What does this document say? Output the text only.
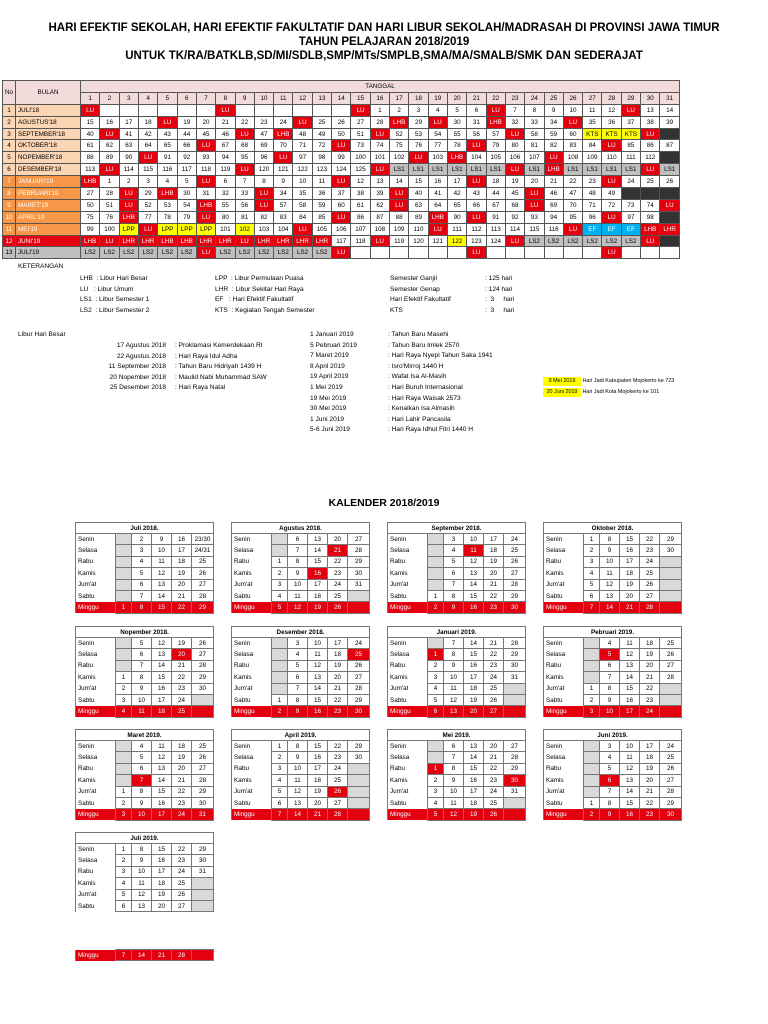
HARI EFEKTIF SEKOLAH, HARI EFEKTIF FAKULTATIF DAN HARI LIBUR SEKOLAH/MADRASAH DI PROVINSI JAWA TIMUR
TAHUN PELAJARAN 2018/2019
UNTUK TK/RA/BATKLB,SD/MI/SDLB,SMP/MTs/SMPLB,SMA/MA/SMALB/SMK DAN SEDERAJAT
No	BULAN	TANGGAL																														
		1	2	3	4	5	6	7	8	9	10	11	12	13	14	15	16	17	18	19	20	21	22	23	24	25	26	27	28	29	30	31
1	JULI'18	LU							LU							LU	1	2	3	4	5	6	LU	7	8	9	10	11	12	LU	13	14
2	AGUSTUS'18	15	16	17	18	LU	19	20	21	22	23	24	LU	25	26	27	28	LHB	29	LU	30	31	LHB	32	33	34	LU	35	36	37	38	39
3	SEPTEMBER'18	40	LU	41	42	43	44	45	46	LU	47	LHB	48	49	50	51	LU	52	53	54	55	56	57	LU	58	59	60	KTS	KTS	KTS	LU	
4	OKTOBER'18	61	62	63	64	65	66	LU	67	68	69	70	71	72	LU	73	74	75	76	77	78	LU	79	80	81	82	83	84	LU	85	86	87
5	NOPEMBER'18	88	89	90	LU	91	92	93	94	95	96	LU	97	98	99	100	101	102	LU	103	LHB	104	105	106	107	LU	108	109	110	111	112	
6	DESEMBER'18	113	LU	114	115	116	117	118	119	LU	120	121	122	123	124	125	LU	LS1	LS1	LS1	LS1	LS1	LS1	LU	LS1	LHB	LS1	LS1	LS1	LS1	LU	LS1
7	JANUARI'19	LHB	1	2	3	4	5	LU	6	7	8	9	10	11	LU	12	13	14	15	16	17	LU	18	19	20	21	22	23	LU	24	25	26
8	PEBRUARI'19	27	28	LU	29	LHB	30	31	32	33	LU	34	35	36	37	38	39	LU	40	41	42	43	44	45	LU	46	47	48	49			
9	MARET'19	50	51	LU	52	53	54	LHB	55	56	LU	57	58	59	60	61	62	LU	63	64	65	66	67	68	LU	69	70	71	72	73	74	LU
10	APRIL'19	75	76	LHB	77	78	79	LU	80	81	82	83	84	85	LU	86	87	88	89	LHB	90	LU	91	92	93	94	95	96	LU	97	98	
11	MEI'19	99	100	LPP	LU	LPP	LPP	LPP	101	102	103	104	LU	105	106	107	108	109	110	LU	111	112	113	114	115	116	LU	EF	EF	EF	LHB	LHR
12	JUNI'19	LHB	LU	LHR	LHR	LHB	LHB	LHR	LHR	LU	LHR	LHR	LHR	LHR	117	118	LU	119	120	121	122	123	124	LU	LS2	LS2	LS2	LS2	LS2	LS2	LU	
13	JULI'19	LS2	LS2	LS2	LS2	LS2	LS2	LU	LS2	LS2	LS2	LS2	LS2	LS2	LU							LU							LU			
KETERANGAN
LHB  : Libur Hari Besar
LU   : Libur Umum
LS1  : Libur Semester 1
LS2  : Libur Semester 2
LPP  : Libur Permulaan Puasa
LHR  : Libur Sekitar Hari Raya
EF   : Hari Efektif Fakultatif
KTS  : Kegiatan Tengah Semester
Semester Ganjil
Semester Genap
Hari Efektif Fakultatif
KTS
: 125 hari
: 124 hari
:  3     hari
:  3     hari
Libur Hari Besar
17 Agustus 2018
22 Agustus 2018
11 September 2018
20 Nopember 2018
25 Desember 2018
: Proklamasi Kemerdekaan RI
: Hari Raya Idul Adha
: Tahun Baru Hidriyah 1439 H
: Maulid Nabi Muhammad SAW
: Hari Raya Natal
1 Januari 2019
5 Pebruari 2019
7 Maret 2019
8 April 2019
19 April 2019
1 Mei 2019
19 Mei 2019
30 Mei 2019
1 Juni 2019
5-6 Juni 2019
: Tahun Baru Masehi
: Tahun Baru Imlek 2570
: Hari Raya Nyepi Tahun Saka 1941
: Isro'Mirroj 1440 H
: Wafat Isa Al-Masih
: Hari Buruh Internasional
: Hari Raya Waisak 2573
: Kenaikan Isa Almasih
: Hari Lahir Pancasila
: Hari Raya Idhul Fitri 1440 H
9 Mei 2019 Hari Jadi Kabupaten Mojokerto ke 723
20 Juni 2019 Hari Jadi Kota Mojokerto ke 101
KALENDER 2018/2019
Juli 2018.					
Senin		2	9	16	23/30
Selasa		3	10	17	24/31
Rabu		4	11	18	25
Kamis		5	12	19	26
Jum'at		6	13	20	27
Sabtu		7	14	21	28
Minggu	1	8	15	22	29
Agustus 2018.					
Senin		6	13	20	27
Selasa		7	14	21	28
Rabu	1	8	15	22	29
Kamis	2	9	16	23	30
Jum'at	3	10	17	24	31
Sabtu	4	11	18	25	
Minggu	5	12	19	26	
September 2018.					
Senin		3	10	17	24
Selasa		4	11	18	25
Rabu		5	12	19	26
Kamis		6	13	20	27
Jum'at		7	14	21	28
Sabtu	1	8	15	22	29
Minggu	2	9	16	23	30
Oktober 2018.					
Senin	1	8	15	22	29
Selasa	2	9	16	23	30
Rabu	3	10	17	24	
Kamis	4	11	18	25	
Jum'at	5	12	19	26	
Sabtu	6	13	20	27	
Minggu	7	14	21	28	
Nopember 2018.					
Senin		5	12	19	26
Selasa		6	13	20	27
Rabu		7	14	21	28
Kamis	1	8	15	22	29
Jum'at	2	9	16	23	30
Sabtu	3	10	17	24	
Minggu	4	11	18	25	
Desember 2018.					
Senin		3	10	17	24
Selasa		4	11	18	25
Rabu		5	12	19	26
Kamis		6	13	20	27
Jum'at		7	14	21	28
Sabtu	1	8	15	22	29
Minggu	2	9	16	23	30
Januari 2019.					
Senin		7	14	21	28
Selasa	1	8	15	22	29
Rabu	2	9	16	23	30
Kamis	3	10	17	24	31
Jum'at	4	11	18	25	
Sabtu	5	12	19	26	
Minggu	6	13	20	27	
Pebruari 2019.					
Senin		4	11	18	25
Selasa		5	12	19	26
Rabu		6	13	20	27
Kamis		7	14	21	28
Jum'at	1	8	15	22	
Sabtu	2	9	16	23	
Minggu	3	10	17	24	
Maret 2019.					
Senin		4	11	18	25
Selasa		5	12	19	26
Rabu		6	13	20	27
Kamis		7	14	21	28
Jum'at	1	8	15	22	29
Sabtu	2	9	16	23	30
Minggu	3	10	17	24	31
April 2019.					
Senin	1	8	15	22	29
Selasa	2	9	16	23	30
Rabu	3	10	17	24	
Kamis	4	11	18	25	
Jum'at	5	12	19	26	
Sabtu	6	13	20	27	
Minggu	7	14	21	28	
Mei 2019.					
Senin		6	13	20	27
Selasa		7	14	21	28
Rabu	1	8	15	22	29
Kamis	2	9	16	23	30
Jum'at	3	10	17	24	31
Sabtu	4	11	18	25	
Minggu	5	12	19	26	
Juni 2019.					
Senin		3	10	17	24
Selasa		4	11	18	25
Rabu		5	12	19	26
Kamis		6	13	20	27
Jum'at		7	14	21	28
Sabtu	1	8	15	22	29
Minggu	2	9	16	23	30
Juli 2019.					
Senin	1	8	15	22	29
Selasa	2	9	16	23	30
Rabu	3	10	17	24	31
Kamis	4	11	18	25	
Jum'at	5	12	19	26	
Sabtu	6	13	20	27	
Minggu	7	14	21	28	
